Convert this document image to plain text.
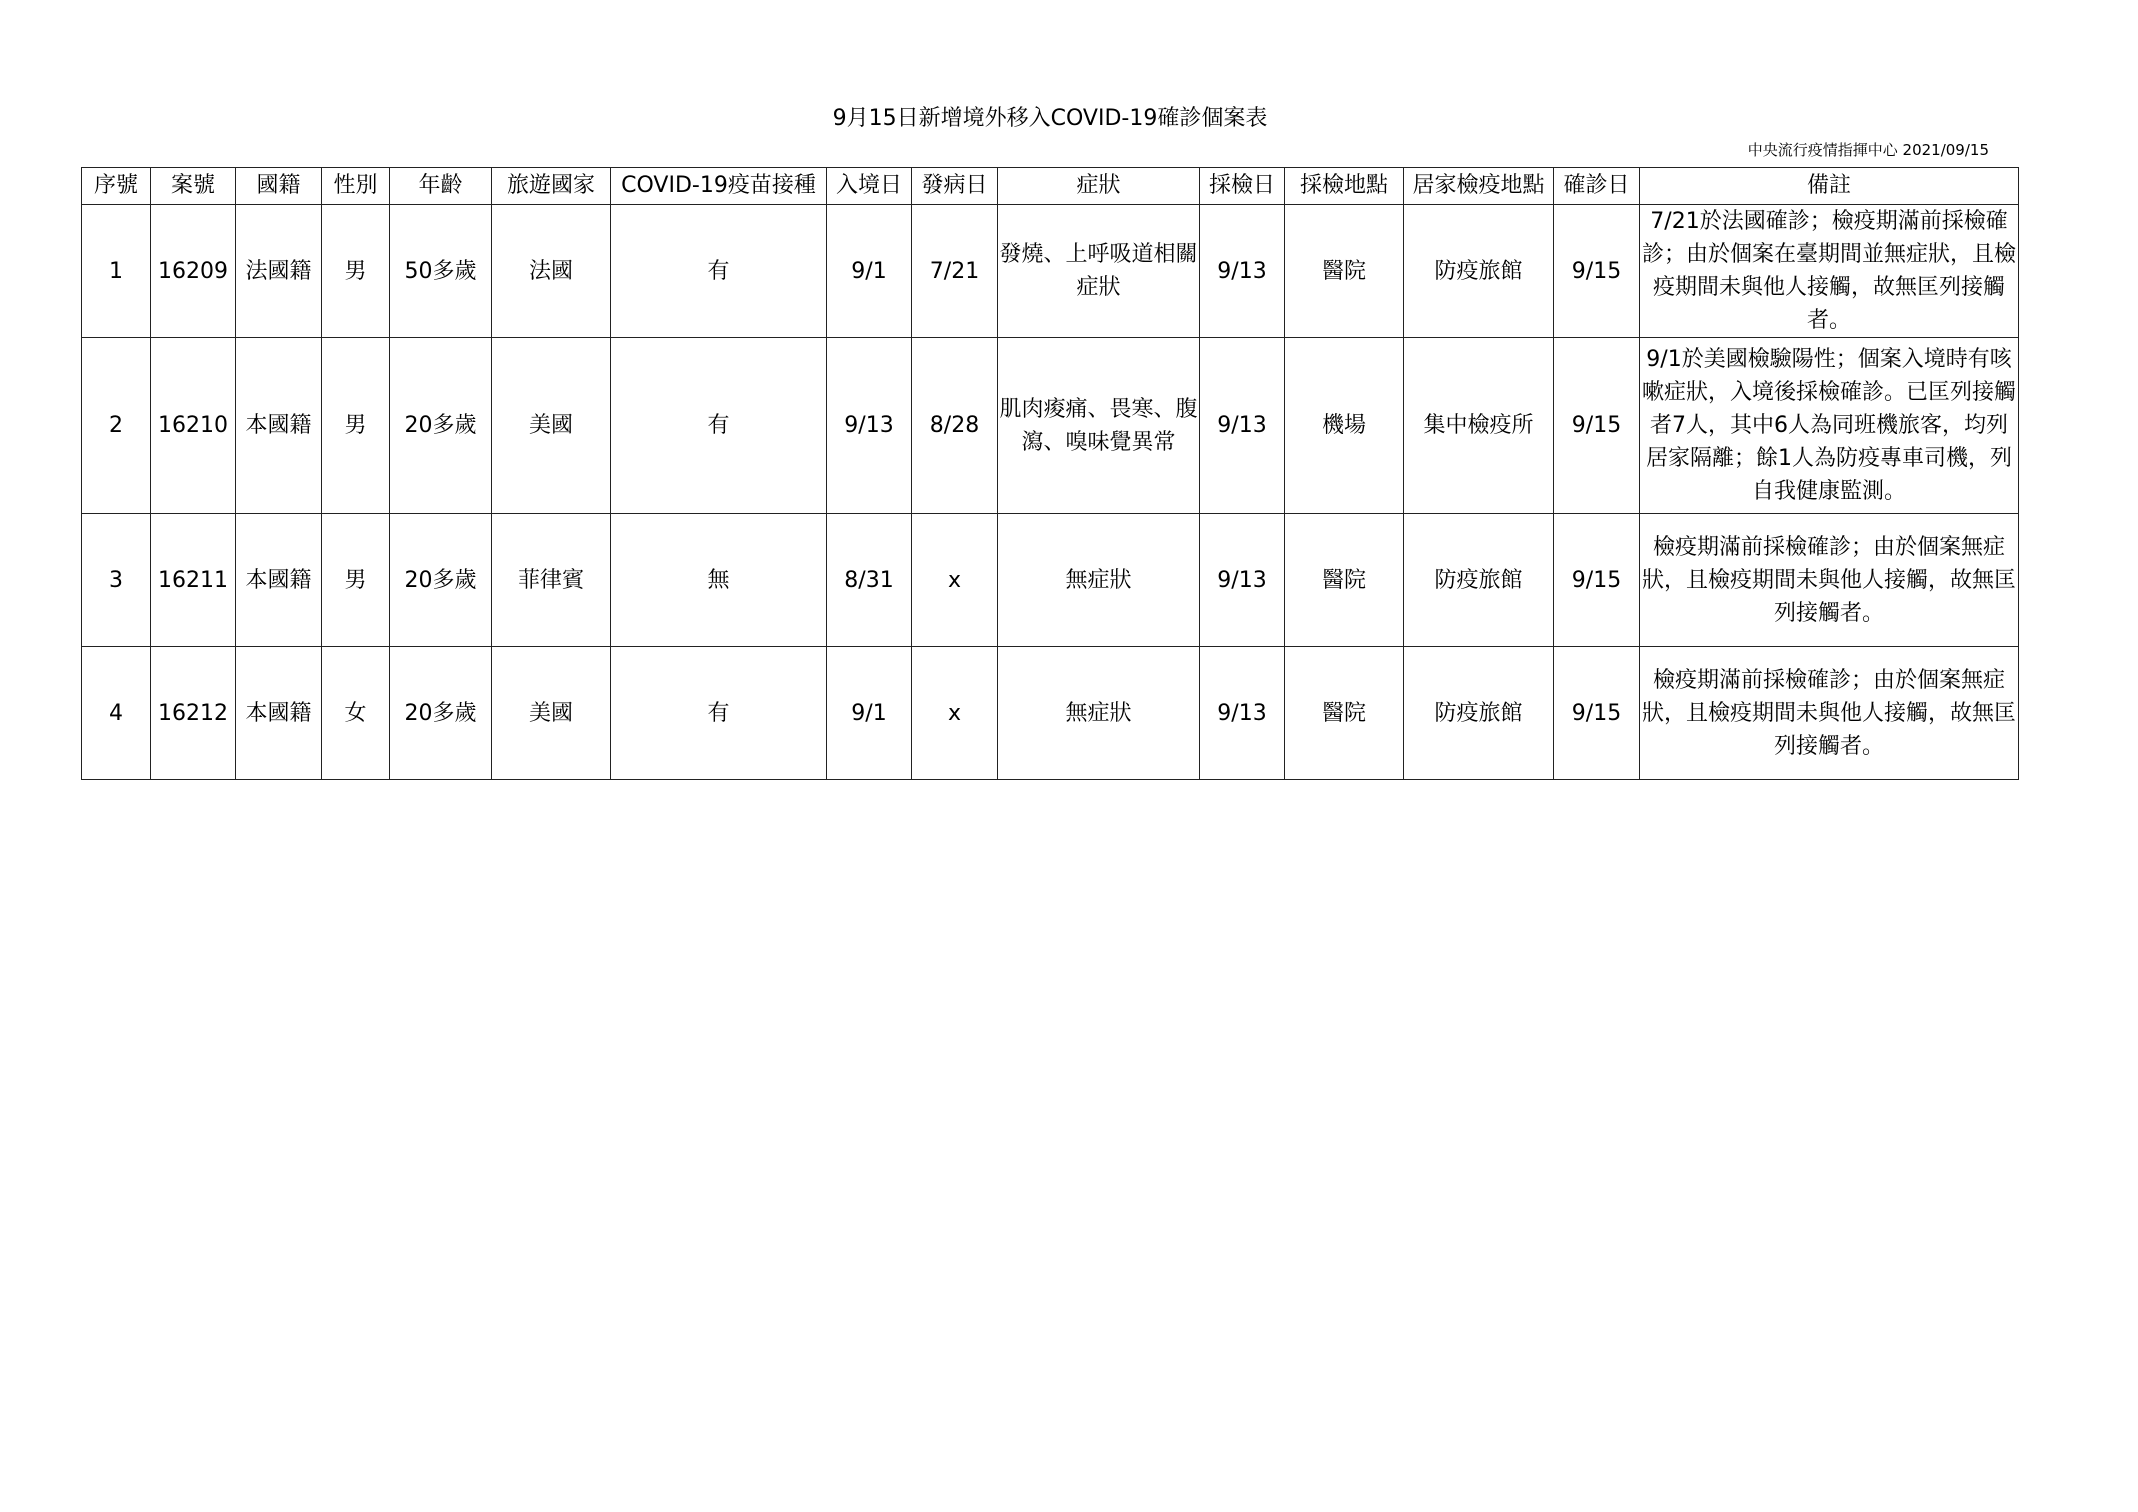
9月15日新增境外移入COVID-19確診個案表
中央流行疫情指揮中心 2021/09/15
序號	案號	國籍	性別	年齡	旅遊國家	COVID-19疫苗接種	入境日	發病日	症狀	採檢日	採檢地點	居家檢疫地點	確診日	備註
1	16209	法國籍	男	50多歲	法國	有	9/1	7/21	發燒、上呼吸道相關症狀	9/13	醫院	防疫旅館	9/15	7/21於法國確診；檢疫期滿前採檢確診；由於個案在臺期間並無症狀，且檢疫期間未與他人接觸，故無匡列接觸者。
2	16210	本國籍	男	20多歲	美國	有	9/13	8/28	肌肉痠痛、畏寒、腹瀉、嗅味覺異常	9/13	機場	集中檢疫所	9/15	9/1於美國檢驗陽性；個案入境時有咳嗽症狀，入境後採檢確診。已匡列接觸者7人，其中6人為同班機旅客，均列居家隔離；餘1人為防疫專車司機，列自我健康監測。
3	16211	本國籍	男	20多歲	菲律賓	無	8/31	x	無症狀	9/13	醫院	防疫旅館	9/15	檢疫期滿前採檢確診；由於個案無症狀，且檢疫期間未與他人接觸，故無匡列接觸者。
4	16212	本國籍	女	20多歲	美國	有	9/1	x	無症狀	9/13	醫院	防疫旅館	9/15	檢疫期滿前採檢確診；由於個案無症狀，且檢疫期間未與他人接觸，故無匡列接觸者。
